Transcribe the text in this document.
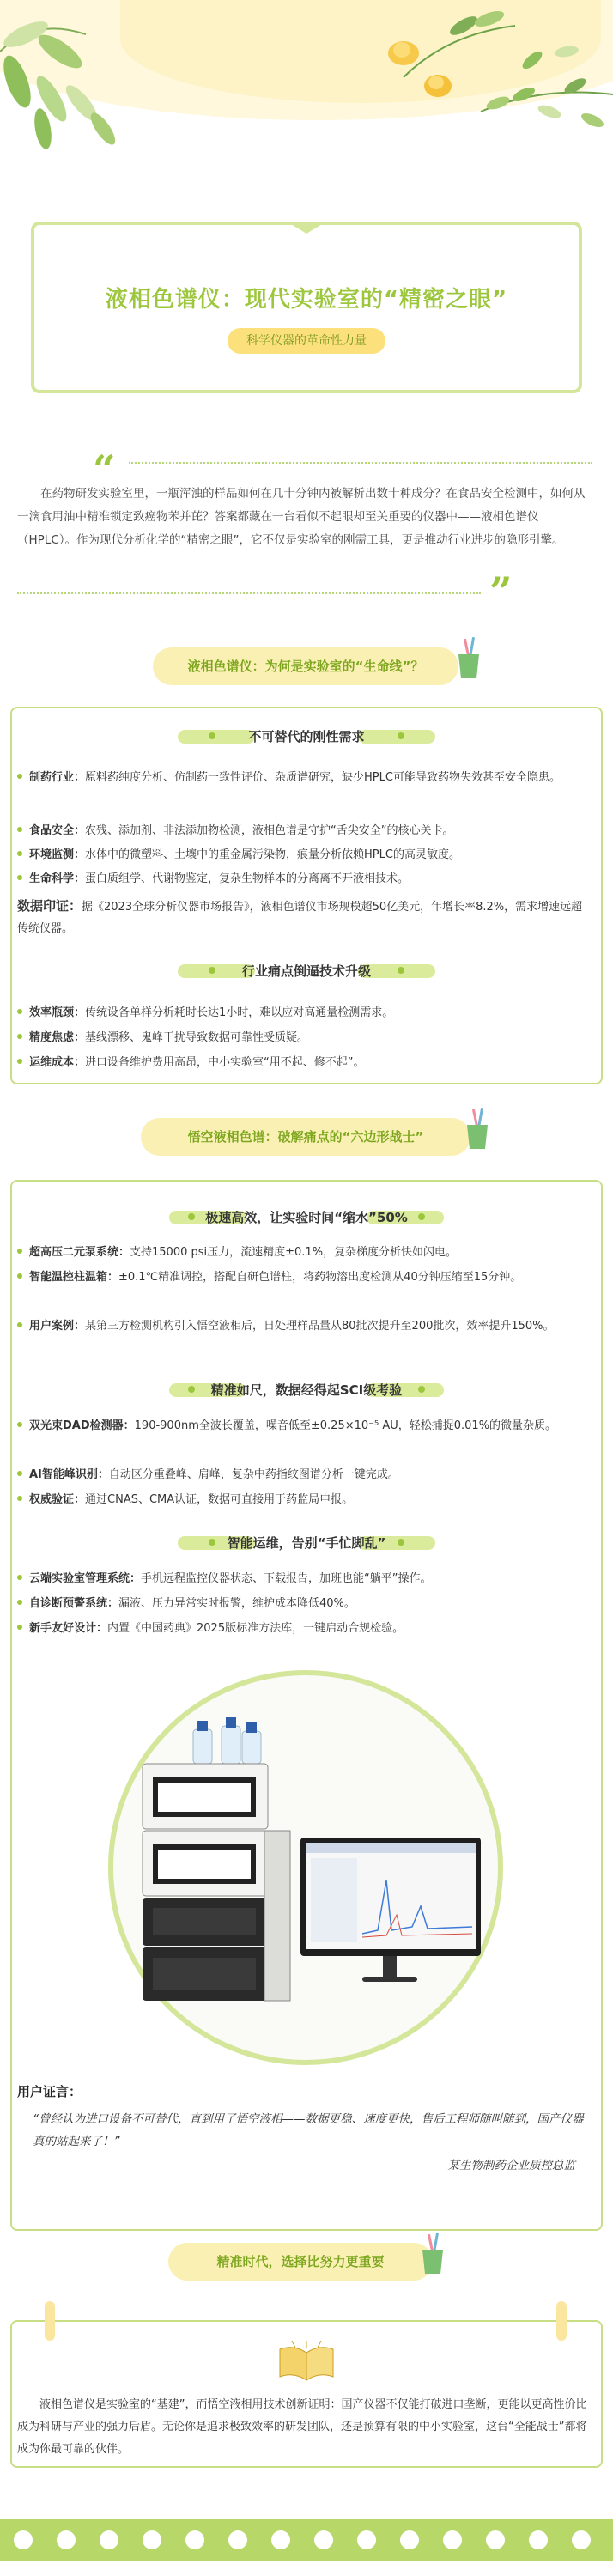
液相色谱仪：现代实验室的“精密之眼”
科学仪器的革命性力量
“

在药物研发实验室里，一瓶浑浊的样品如何在几十分钟内被解析出数十种成分？在食品安全检测中，如何从一滴食用油中精准锁定致癌物苯并芘？答案都藏在一台看似不起眼却至关重要的仪器中——液相色谱仪（HPLC）。作为现代分析化学的“精密之眼”，它不仅是实验室的刚需工具，更是推动行业进步的隐形引擎。

”
液相色谱仪：为何是实验室的“生命线”？
不可替代的刚性需求
制药行业：原料药纯度分析、仿制药一致性评价、杂质谱研究，缺少HPLC可能导致药物失效甚至安全隐患。
食品安全：农残、添加剂、非法添加物检测，液相色谱是守护“舌尖安全”的核心关卡。
环境监测：水体中的微塑料、土壤中的重金属污染物，痕量分析依赖HPLC的高灵敏度。
生命科学：蛋白质组学、代谢物鉴定，复杂生物样本的分离离不开液相技术。
数据印证：据《2023全球分析仪器市场报告》，液相色谱仪市场规模超50亿美元，年增长率8.2%，需求增速远超传统仪器。
行业痛点倒逼技术升级
效率瓶颈：传统设备单样分析耗时长达1小时，难以应对高通量检测需求。
精度焦虑：基线漂移、鬼峰干扰导致数据可靠性受质疑。
运维成本：进口设备维护费用高昂，中小实验室“用不起、修不起”。
悟空液相色谱：破解痛点的“六边形战士”
极速高效，让实验时间“缩水”50%
超高压二元泵系统：支持15000 psi压力，流速精度±0.1%，复杂梯度分析快如闪电。
智能温控柱温箱：±0.1℃精准调控，搭配自研色谱柱，将药物溶出度检测从40分钟压缩至15分钟。
用户案例：某第三方检测机构引入悟空液相后，日处理样品量从80批次提升至200批次，效率提升150%。
精准如尺，数据经得起SCI级考验
双光束DAD检测器：190-900nm全波长覆盖，噪音低至±0.25×10⁻⁵ AU，轻松捕捉0.01%的微量杂质。
AI智能峰识别：自动区分重叠峰、肩峰，复杂中药指纹图谱分析一键完成。
权威验证：通过CNAS、CMA认证，数据可直接用于药监局申报。
智能运维，告别“手忙脚乱”
云端实验室管理系统：手机远程监控仪器状态、下载报告，加班也能“躺平”操作。
自诊断预警系统：漏液、压力异常实时报警，维护成本降低40%。
新手友好设计：内置《中国药典》2025版标准方法库，一键启动合规检验。
用户证言：

“曾经认为进口设备不可替代，直到用了悟空液相——数据更稳、速度更快，售后工程师随叫随到，国产仪器真的站起来了！”

——某生物制药企业质控总监
精准时代，选择比努力更重要

液相色谱仪是实验室的“基建”，而悟空液相用技术创新证明：国产仪器不仅能打破进口垄断，更能以更高性价比成为科研与产业的强力后盾。无论你是追求极致效率的研发团队，还是预算有限的中小实验室，这台“全能战士”都将成为你最可靠的伙伴。
